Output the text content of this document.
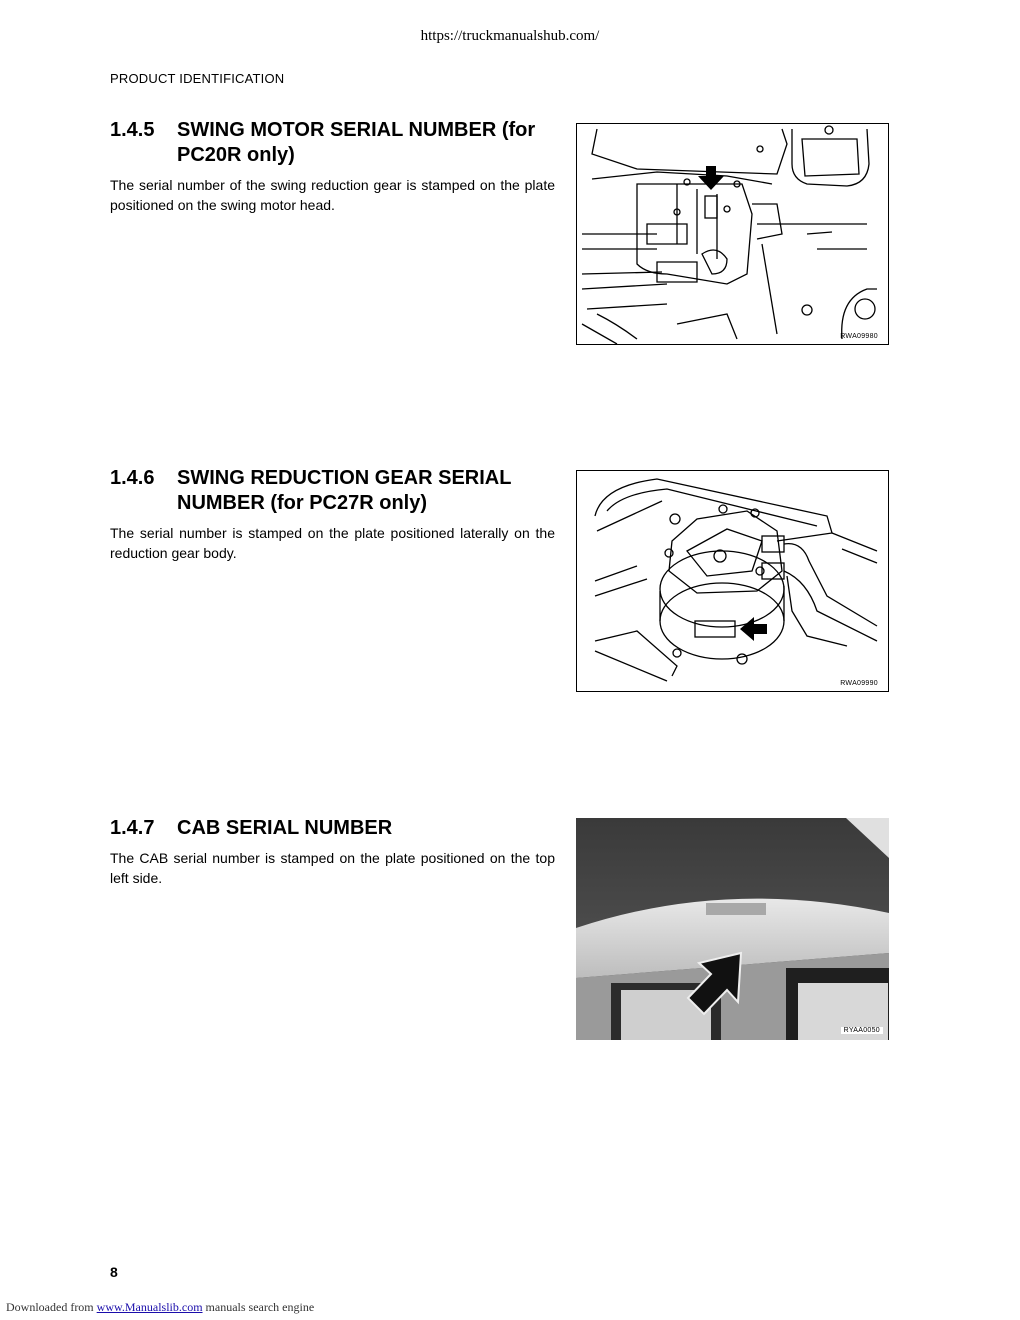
https://truckmanualshub.com/
PRODUCT IDENTIFICATION
1.4.5	SWING MOTOR SERIAL NUMBER (for PC20R only)
The serial number of the swing reduction gear is stamped on the plate positioned on the swing motor head.
RWA09980
1.4.6	SWING REDUCTION GEAR SERIAL NUMBER (for PC27R only)
The serial number is stamped on the plate positioned laterally on the reduction gear body.
RWA09990
1.4.7	CAB SERIAL NUMBER
The CAB serial number is stamped on the plate positioned on the top left side.
RYAA0050
8
Downloaded from www.Manualslib.com manuals search engine
